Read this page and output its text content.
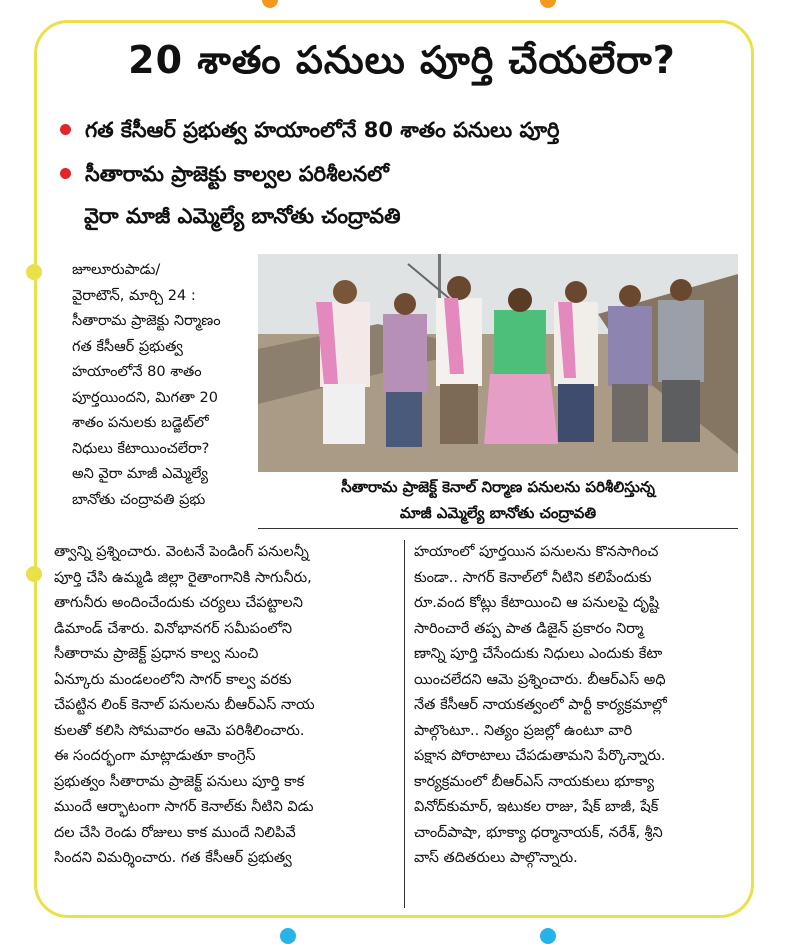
20 శాతం పనులు పూర్తి చేయలేరా?
గత కేసీఆర్ ప్రభుత్వ హయాంలోనే 80 శాతం పనులు పూర్తి
సీతారామ ప్రాజెక్టు కాల్వల పరిశీలనలో
వైరా మాజీ ఎమ్మెల్యే బానోతు చంద్రావతి
జూలూరుపాడు/
వైరాటౌన్, మార్చి 24 :
సీతారామ ప్రాజెక్టు నిర్మాణం
గత కేసీఆర్ ప్రభుత్వ
హయాంలోనే 80 శాతం
పూర్తయిందని, మిగతా 20
శాతం పనులకు బడ్జెట్‌లో
నిధులు కేటాయించలేరా?
అని వైరా మాజీ ఎమ్మెల్యే
బానోతు చంద్రావతి ప్రభు
సీతారామ ప్రాజెక్ట్ కెనాల్ నిర్మాణ పనులను పరిశీలిస్తున్న
మాజీ ఎమ్మెల్యే బానోతు చంద్రావతి
త్వాన్ని ప్రశ్నించారు. వెంటనే పెండింగ్ పనులన్నీ
పూర్తి చేసి ఉమ్మడి జిల్లా రైతాంగానికి సాగునీరు,
తాగునీరు అందించేందుకు చర్యలు చేపట్టాలని
డిమాండ్ చేశారు. వినోభానగర్ సమీపంలోని
సీతారామ ప్రాజెక్ట్ ప్రధాన కాల్వ నుంచి
ఏన్కూరు మండలంలోని సాగర్ కాల్వ వరకు
చేపట్టిన లింక్ కెనాల్ పనులను బీఆర్ఎస్ నాయ
కులతో కలిసి సోమవారం ఆమె పరిశీలించారు.
ఈ సందర్భంగా మాట్లాడుతూ కాంగ్రెస్
ప్రభుత్వం సీతారామ ప్రాజెక్ట్ పనులు పూర్తి కాక
ముందే ఆర్భాటంగా సాగర్ కెనాల్‌కు నీటిని విడు
దల చేసి రెండు రోజులు కాక ముందే నిలిపివే
సిందని విమర్శించారు. గత కేసీఆర్ ప్రభుత్వ
హయాంలో పూర్తయిన పనులను కొనసాగించ
కుండా.. సాగర్ కెనాల్‌లో నీటిని కలిపేందుకు
రూ.వంద కోట్లు కేటాయించి ఆ పనులపై దృష్టి
సారించారే తప్ప పాత డిజైన్ ప్రకారం నిర్మా
ణాన్ని పూర్తి చేసేందుకు నిధులు ఎందుకు కేటా
యించలేదని ఆమె ప్రశ్నించారు. బీఆర్ఎస్ అధి
నేత కేసీఆర్ నాయకత్వంలో పార్టీ కార్యక్రమాల్లో
పాల్గొంటూ.. నిత్యం ప్రజల్లో ఉంటూ వారి
పక్షాన పోరాటాలు చేపడుతామని పేర్కొన్నారు.
కార్యక్రమంలో బీఆర్ఎస్ నాయకులు భూక్యా
వినోద్‌కుమార్, ఇటుకల రాజు, షేక్ బాజీ, షేక్
చాంద్‌పాషా, భూక్యా ధర్మానాయక్, నరేశ్, శ్రీని
వాస్ తదితరులు పాల్గొన్నారు.
